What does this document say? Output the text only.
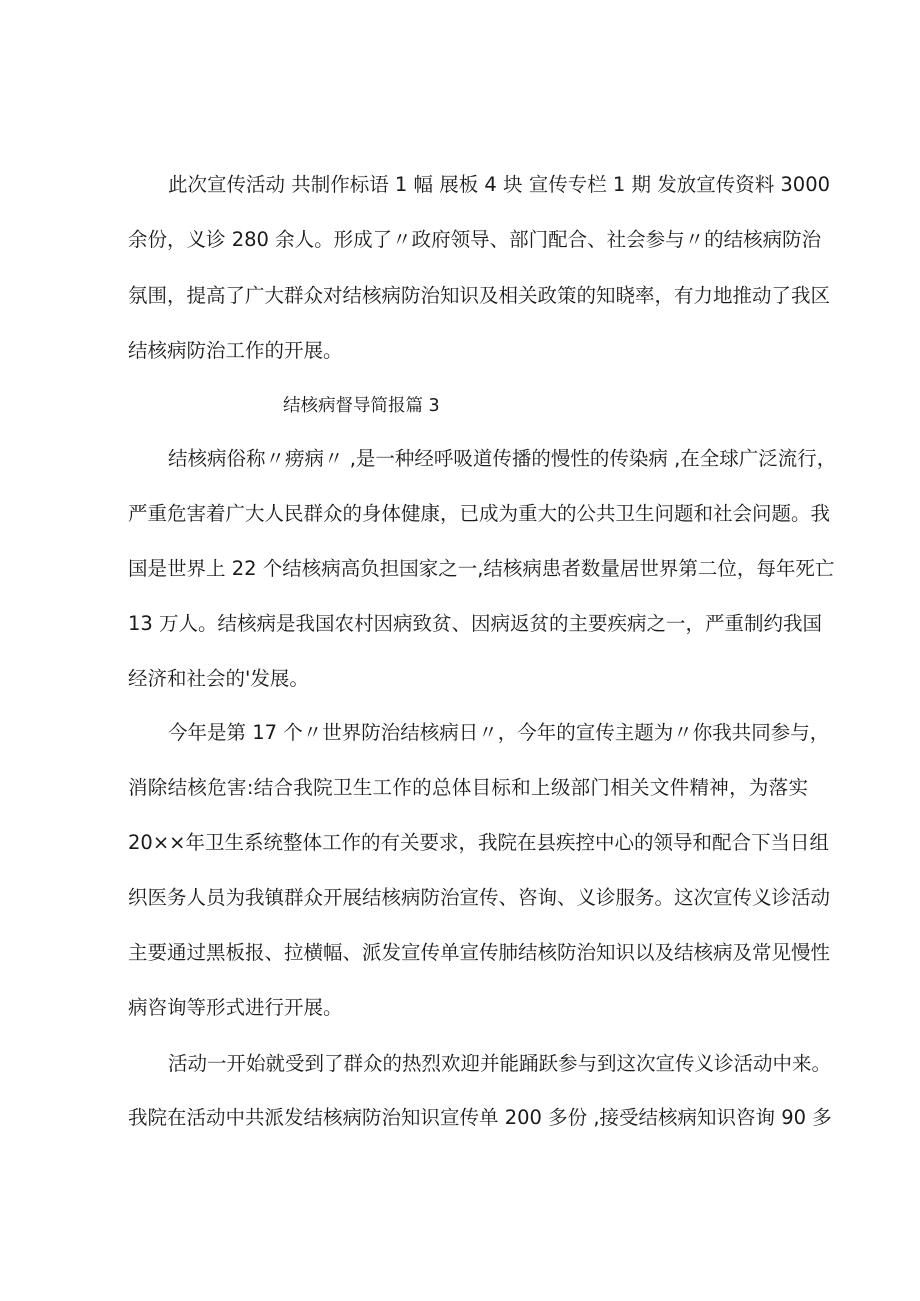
此次宣传活动 共制作标语 1 幅 展板 4 块 宣传专栏 1 期 发放宣传资料 3000
余份，义诊 280 余人。形成了〃政府领导、部门配合、社会参与〃的结核病防治
氛围，提高了广大群众对结核病防治知识及相关政策的知晓率，有力地推动了我区
结核病防治工作的开展。
结核病督导简报篇 3
结核病俗称〃痨病〃 ,是一种经呼吸道传播的慢性的传染病 ,在全球广泛流行，
严重危害着广大人民群众的身体健康，已成为重大的公共卫生问题和社会问题。我
国是世界上 22 个结核病高负担国家之一,结核病患者数量居世界第二位，每年死亡
13 万人。结核病是我国农村因病致贫、因病返贫的主要疾病之一，严重制约我国
经济和社会的'发展。
今年是第 17 个〃世界防治结核病日〃，今年的宣传主题为〃你我共同参与，
消除结核危害:结合我院卫生工作的总体目标和上级部门相关文件精神，为落实
20××年卫生系统整体工作的有关要求，我院在县疾控中心的领导和配合下当日组
织医务人员为我镇群众开展结核病防治宣传、咨询、义诊服务。这次宣传义诊活动
主要通过黑板报、拉横幅、派发宣传单宣传肺结核防治知识以及结核病及常见慢性
病咨询等形式进行开展。
活动一开始就受到了群众的热烈欢迎并能踊跃参与到这次宣传义诊活动中来。
我院在活动中共派发结核病防治知识宣传单 200 多份 ,接受结核病知识咨询 90 多
